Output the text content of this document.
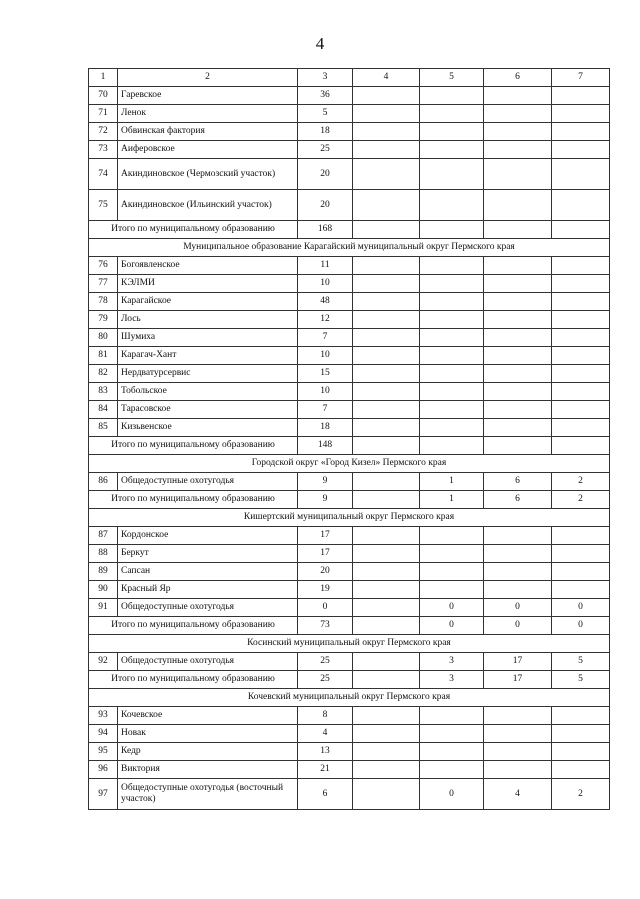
4
1	2	3	4	5	6	7
70	Гаревское	36				
71	Ленок	5				
72	Обвинская фактория	18				
73	Аиферовское	25				
74	Акиндиновское (Чермозский участок)	20				
75	Акиндиновское (Ильинский участок)	20				
Итого по муниципальному образованию		168				
Муниципальное образование Карагайский муниципальный округ Пермского края						
76	Богоявленское	11				
77	КЭЛМИ	10				
78	Карагайское	48				
79	Лось	12				
80	Шумиха	7				
81	Карагач-Хант	10				
82	Нердватурсервис	15				
83	Тобольское	10				
84	Тарасовское	7				
85	Кизьвенское	18				
Итого по муниципальному образованию		148				
Городской округ «Город Кизел» Пермского края						
86	Общедоступные охотугодья	9		1	6	2
Итого по муниципальному образованию		9		1	6	2
Кишертский муниципальный округ Пермского края						
87	Кордонское	17				
88	Беркут	17				
89	Сапсан	20				
90	Красный Яр	19				
91	Общедоступные охотугодья	0		0	0	0
Итого по муниципальному образованию		73		0	0	0
Косинский муниципальный округ Пермского края						
92	Общедоступные охотугодья	25		3	17	5
Итого по муниципальному образованию		25		3	17	5
Кочевский муниципальный округ Пермского края						
93	Кочевское	8				
94	Новак	4				
95	Кедр	13				
96	Виктория	21				
97	Общедоступные охотугодья (восточный участок)	6		0	4	2
